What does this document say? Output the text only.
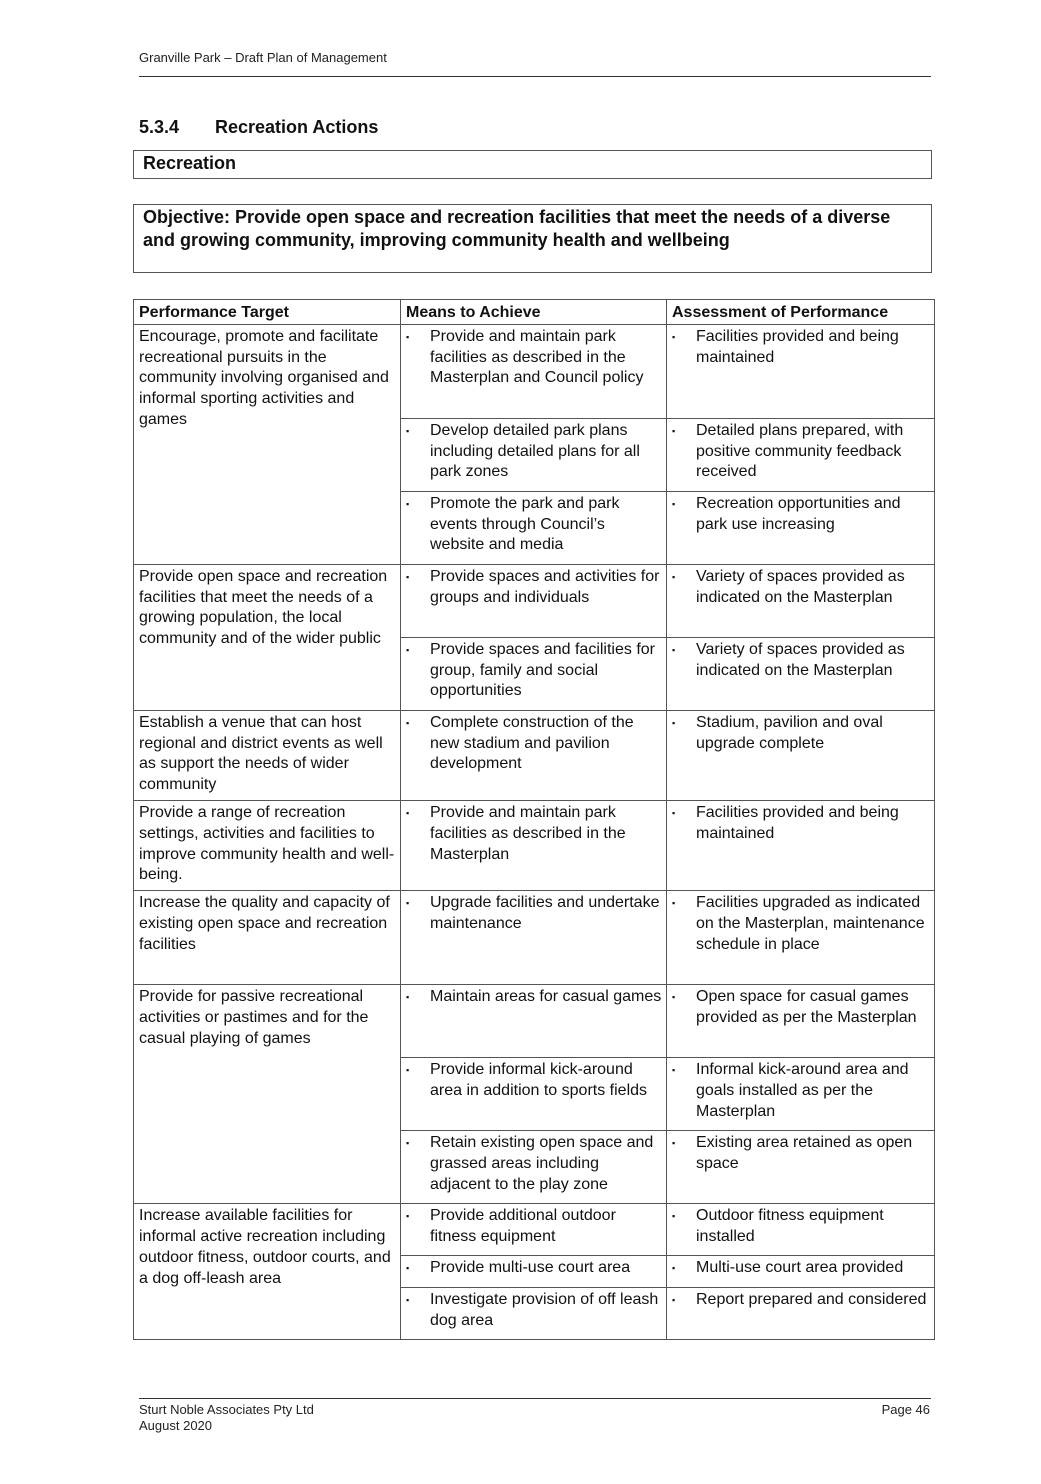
Granville Park – Draft Plan of Management
5.3.4 Recreation Actions
Recreation
Objective: Provide open space and recreation facilities that meet the needs of a diverse and growing community, improving community health and wellbeing
Performance Target	Means to Achieve	Assessment of Performance
Encourage, promote and facilitate recreational pursuits in the community involving organised and informal sporting activities and games	▪ Provide and maintain park facilities as described in the Masterplan and Council policy	▪ Facilities provided and being maintained

	▪ Develop detailed park plans including detailed plans for all park zones	▪ Detailed plans prepared, with positive community feedback received

	▪ Promote the park and park events through Council’s website and media	▪ Recreation opportunities and park use increasing

Provide open space and recreation facilities that meet the needs of a growing population, the local community and of the wider public	▪ Provide spaces and activities for groups and individuals	▪ Variety of spaces provided as indicated on the Masterplan

	▪ Provide spaces and facilities for group, family and social opportunities	▪ Variety of spaces provided as indicated on the Masterplan

Establish a venue that can host regional and district events as well as support the needs of wider community	▪ Complete construction of the new stadium and pavilion development	▪ Stadium, pavilion and oval upgrade complete

Provide a range of recreation settings, activities and facilities to improve community health and well-being.	▪ Provide and maintain park facilities as described in the Masterplan	▪ Facilities provided and being maintained

Increase the quality and capacity of existing open space and recreation facilities	▪ Upgrade facilities and undertake maintenance	▪ Facilities upgraded as indicated on the Masterplan, maintenance schedule in place

Provide for passive recreational activities or pastimes and for the casual playing of games	▪ Maintain areas for casual games	▪ Open space for casual games provided as per the Masterplan

	▪ Provide informal kick-around area in addition to sports fields	▪ Informal kick-around area and goals installed as per the Masterplan

	▪ Retain existing open space and grassed areas including adjacent to the play zone	▪ Existing area retained as open space

Increase available facilities for informal active recreation including outdoor fitness, outdoor courts, and a dog off-leash area	▪ Provide additional outdoor fitness equipment	▪ Outdoor fitness equipment installed

	▪ Provide multi-use court area	▪ Multi-use court area provided

	▪ Investigate provision of off leash dog area	▪ Report prepared and considered
Sturt Noble Associates Pty Ltd
August 2020
Page 46
